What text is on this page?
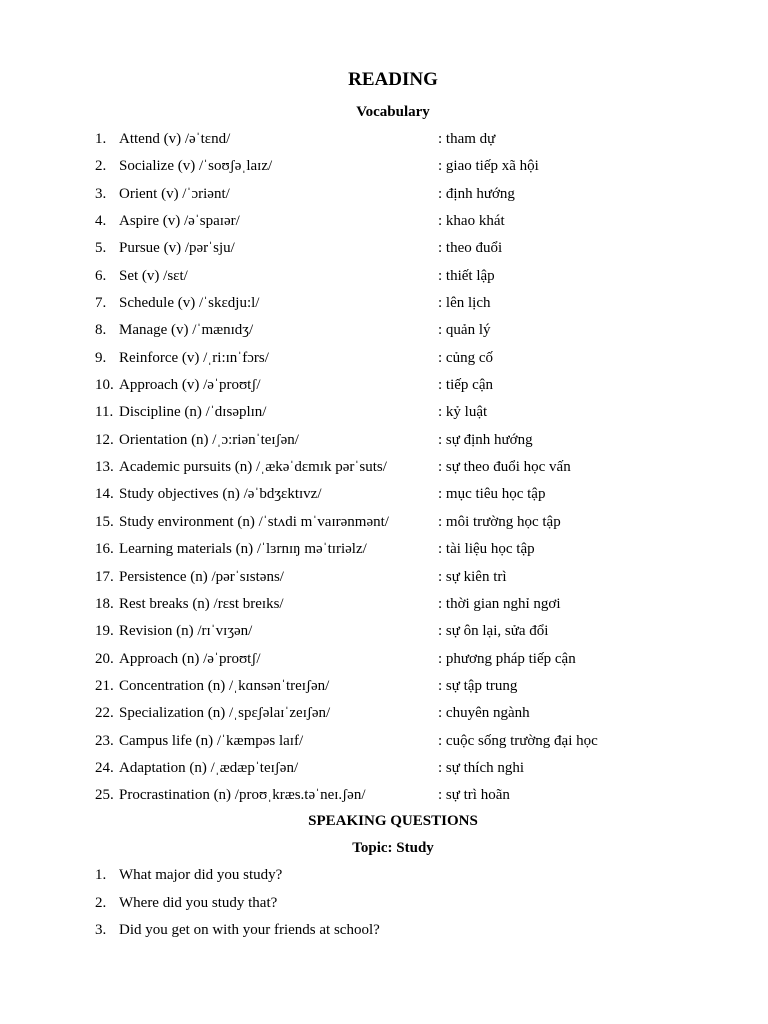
READING
Vocabulary
1. Attend (v) /əˈtɛnd/	: tham dự
2. Socialize (v) /ˈsoʊʃəˌlaɪz/	: giao tiếp xã hội
3. Orient (v) /ˈɔriənt/	: định hướng
4. Aspire (v) /əˈspaɪər/	: khao khát
5. Pursue (v) /pərˈsju/	: theo đuổi
6. Set (v) /sɛt/	: thiết lập
7. Schedule (v) /ˈskɛdju:l/	: lên lịch
8. Manage (v) /ˈmænɪdʒ/	: quản lý
9. Reinforce (v) /ˌri:ɪnˈfɔrs/	: củng cố
10. Approach (v) /əˈproʊtʃ/	: tiếp cận
11. Discipline (n) /ˈdɪsəplɪn/	: kỷ luật
12. Orientation (n) /ˌɔ:riənˈteɪʃən/	: sự định hướng
13. Academic pursuits (n) /ˌækəˈdɛmɪk pərˈsuts/	: sự theo đuổi học vấn
14. Study objectives (n) /əˈbdʒɛktɪvz/	: mục tiêu học tập
15. Study environment (n) /ˈstʌdi mˈvaɪrənmənt/	: môi trường học tập
16. Learning materials (n) /ˈlɜrnɪŋ məˈtɪriəlz/	: tài liệu học tập
17. Persistence (n) /pərˈsɪstəns/	: sự kiên trì
18. Rest breaks (n) /rɛst breɪks/	: thời gian nghỉ ngơi
19. Revision (n) /rɪˈvɪʒən/	: sự ôn lại, sửa đổi
20. Approach (n) /əˈproʊtʃ/	: phương pháp tiếp cận
21. Concentration (n) /ˌkɑnsənˈtreɪʃən/	: sự tập trung
22. Specialization (n) /ˌspɛʃəlaɪˈzeɪʃən/	: chuyên ngành
23. Campus life (n) /ˈkæmpəs laɪf/	: cuộc sống trường đại học
24. Adaptation (n) /ˌædæpˈteɪʃən/	: sự thích nghi
25. Procrastination (n) /proʊˌkræs.təˈneɪ.ʃən/	: sự trì hoãn
SPEAKING QUESTIONS
Topic: Study
1. What major did you study?
2. Where did you study that?
3. Did you get on with your friends at school?
